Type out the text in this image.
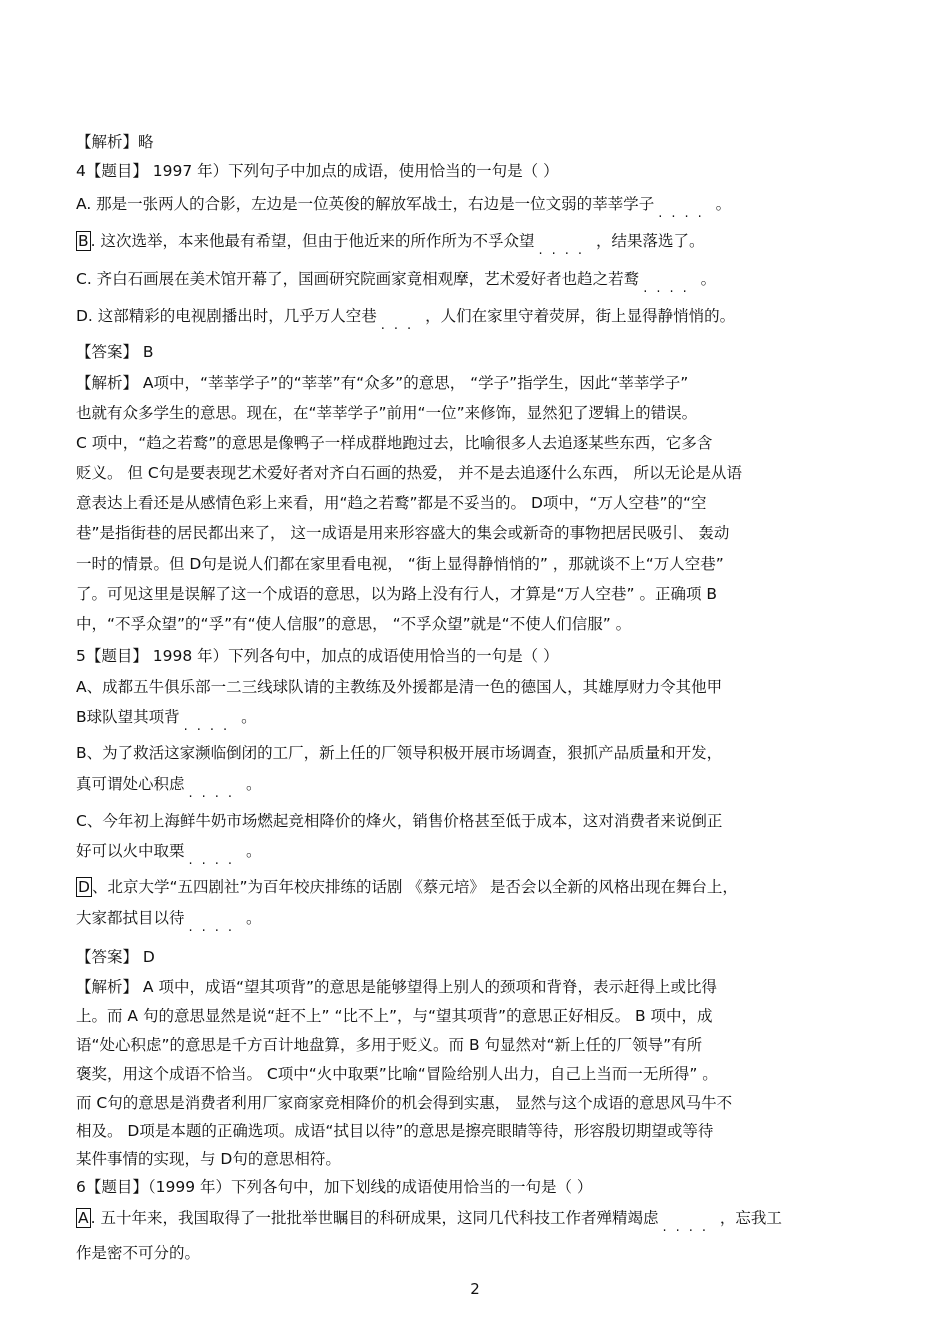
【解析】略
4【题目】 1997 年）下列句子中加点的成语，使用恰当的一句是（ ）
A. 那是一张两人的合影，左边是一位英俊的解放军战士，右边是一位文弱的莘莘学子.... 。
B . 这次选举，本来他最有希望，但由于他近来的所作所为不孚众望.... ，结果落选了。
C. 齐白石画展在美术馆开幕了，国画研究院画家竟相观摩，艺术爱好者也趋之若鹜.... 。
D. 这部精彩的电视剧播出时，几乎万人空巷... ，人们在家里守着荧屏，街上显得静悄悄的。
【答案】 B
【解析】 A项中，“莘莘学子”的“莘莘”有“众多”的意思， “学子”指学生，因此“莘莘学子”
也就有众多学生的意思。现在，在“莘莘学子”前用“一位”来修饰，显然犯了逻辑上的错误。
C 项中，“趋之若鹜”的意思是像鸭子一样成群地跑过去，比喻很多人去追逐某些东西，它多含
贬义。 但 C句是要表现艺术爱好者对齐白石画的热爱， 并不是去追逐什么东西， 所以无论是从语
意表达上看还是从感情色彩上来看，用“趋之若鹜”都是不妥当的。 D项中，“万人空巷”的“空
巷”是指街巷的居民都出来了， 这一成语是用来形容盛大的集会或新奇的事物把居民吸引、 轰动
一时的情景。但 D句是说人们都在家里看电视， “街上显得静悄悄的” ，那就谈不上“万人空巷”
了。可见这里是误解了这一个成语的意思，以为路上没有行人，才算是“万人空巷” 。正确项 B
中，“不孚众望”的“孚”有“使人信服”的意思， “不孚众望”就是“不使人们信服” 。
5【题目】 1998 年）下列各句中，加点的成语使用恰当的一句是（ ）
A、成都五牛俱乐部一二三线球队请的主教练及外援都是清一色的德国人，其雄厚财力令其他甲
B球队望其项背.... 。
B、为了救活这家濒临倒闭的工厂，新上任的厂领导积极开展市场调查，狠抓产品质量和开发，
真可谓处心积虑.... 。
C、今年初上海鲜牛奶市场燃起竞相降价的烽火，销售价格甚至低于成本，这对消费者来说倒正
好可以火中取栗.... 。
D 、北京大学“五四剧社”为百年校庆排练的话剧 《蔡元培》 是否会以全新的风格出现在舞台上，
大家都拭目以待.... 。
【答案】 D
【解析】 A 项中，成语“望其项背”的意思是能够望得上别人的颈项和背脊，表示赶得上或比得
上。而 A 句的意思显然是说“赶不上” “比不上”，与“望其项背”的意思正好相反。 B 项中，成
语“处心积虑”的意思是千方百计地盘算，多用于贬义。而 B 句显然对“新上任的厂领导”有所
褒奖，用这个成语不恰当。 C项中“火中取栗”比喻“冒险给别人出力，自己上当而一无所得” 。
而 C句的意思是消费者利用厂家商家竞相降价的机会得到实惠， 显然与这个成语的意思风马牛不
相及。 D项是本题的正确选项。成语“拭目以待”的意思是擦亮眼睛等待，形容殷切期望或等待
某件事情的实现，与 D句的意思相符。
6【题目】（1999 年）下列各句中，加下划线的成语使用恰当的一句是（ ）
A . 五十年来，我国取得了一批批举世瞩目的科研成果，这同几代科技工作者殚精竭虑.... ，忘我工
作是密不可分的。
2
